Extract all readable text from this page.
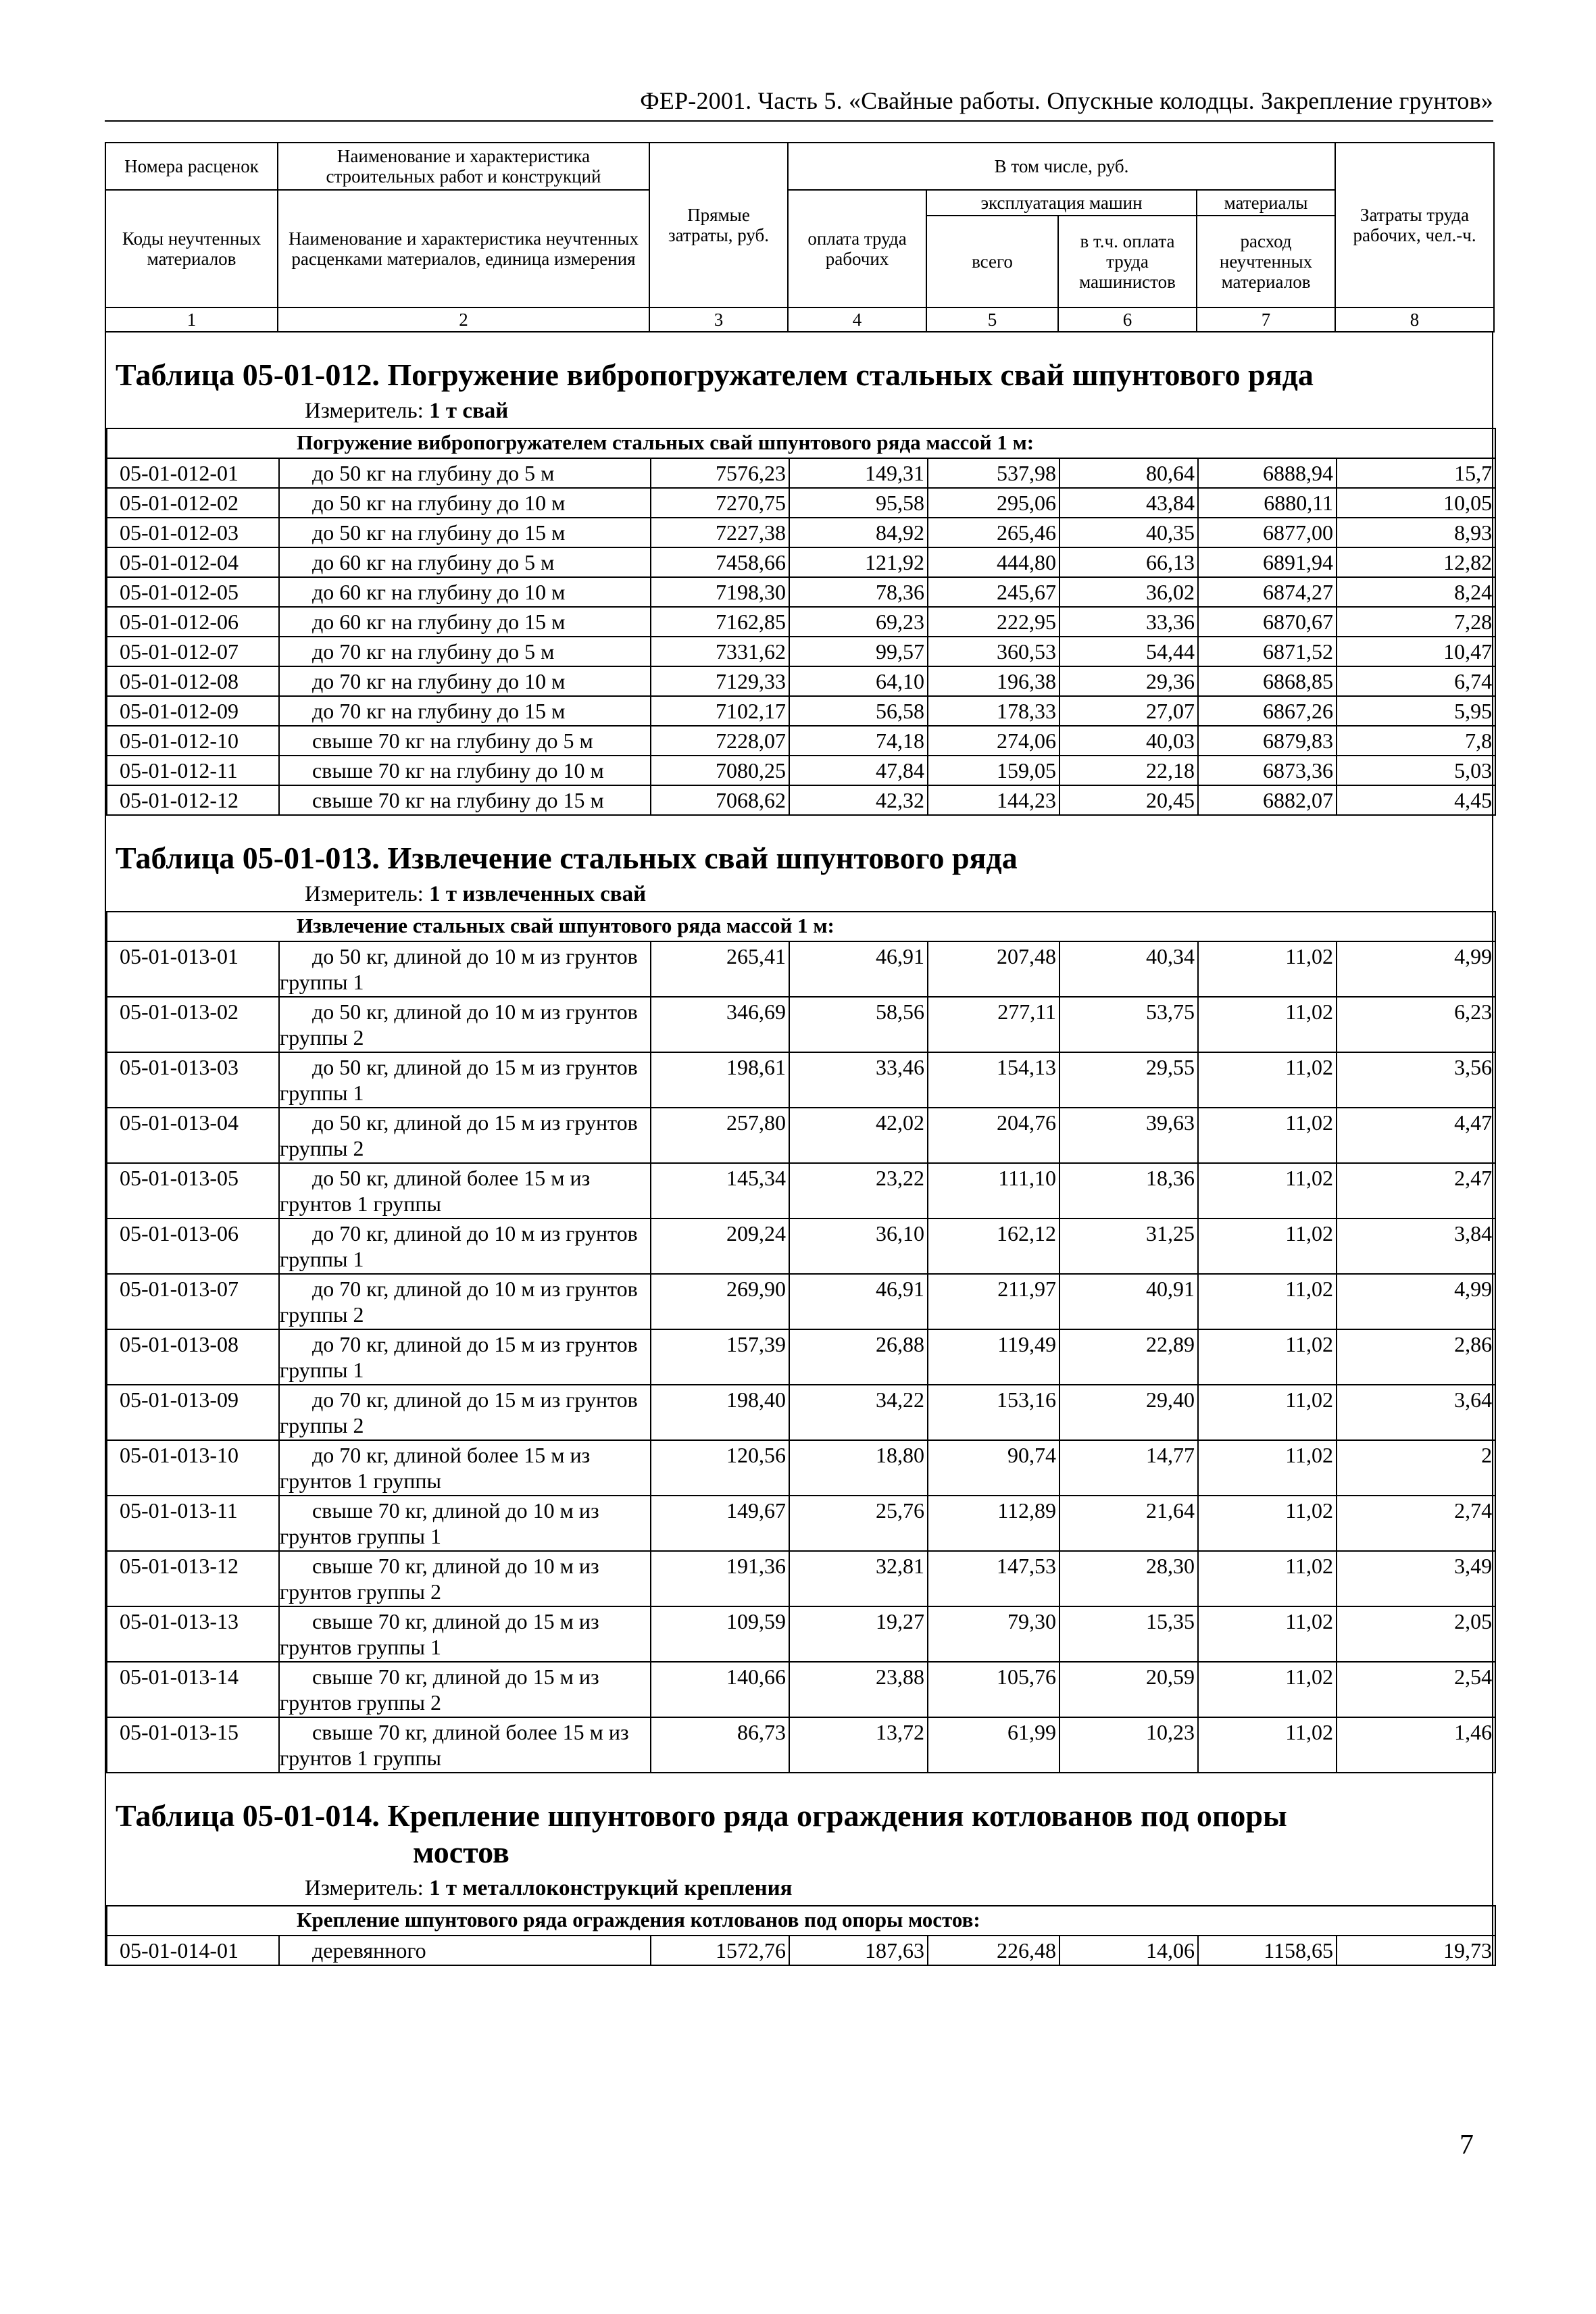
ФЕР-2001. Часть 5. «Свайные работы. Опускные колодцы. Закрепление грунтов»
Номера расценок	Наименование и характеристика строительных работ и конструкций	Прямые затраты, руб.	В том числе, руб.				Затраты труда рабочих, чел.-ч.
Коды неучтенных материалов	Наименование и характеристика неучтенных расценками материалов, единица измерения		оплата труда рабочих	эксплуатация машин		материалы	
				всего	в т.ч. оплата труда машинистов	расход неучтенных материалов	
1	2	3	4	5	6	7	8
Таблица 05-01-012. Погружение вибропогружателем стальных свай шпунтового ряда
Измеритель: 1 т свай
Погружение вибропогружателем стальных свай шпунтового ряда массой 1 м:							
05-01-012-01	до 50 кг на глубину до 5 м	7576,23	149,31	537,98	80,64	6888,94	15,7
05-01-012-02	до 50 кг на глубину до 10 м	7270,75	95,58	295,06	43,84	6880,11	10,05
05-01-012-03	до 50 кг на глубину до 15 м	7227,38	84,92	265,46	40,35	6877,00	8,93
05-01-012-04	до 60 кг на глубину до 5 м	7458,66	121,92	444,80	66,13	6891,94	12,82
05-01-012-05	до 60 кг на глубину до 10 м	7198,30	78,36	245,67	36,02	6874,27	8,24
05-01-012-06	до 60 кг на глубину до 15 м	7162,85	69,23	222,95	33,36	6870,67	7,28
05-01-012-07	до 70 кг на глубину до 5 м	7331,62	99,57	360,53	54,44	6871,52	10,47
05-01-012-08	до 70 кг на глубину до 10 м	7129,33	64,10	196,38	29,36	6868,85	6,74
05-01-012-09	до 70 кг на глубину до 15 м	7102,17	56,58	178,33	27,07	6867,26	5,95
05-01-012-10	свыше 70 кг на глубину до 5 м	7228,07	74,18	274,06	40,03	6879,83	7,8
05-01-012-11	свыше 70 кг на глубину до 10 м	7080,25	47,84	159,05	22,18	6873,36	5,03
05-01-012-12	свыше 70 кг на глубину до 15 м	7068,62	42,32	144,23	20,45	6882,07	4,45
Таблица 05-01-013. Извлечение стальных свай шпунтового ряда
Измеритель: 1 т извлеченных свай
Извлечение стальных свай шпунтового ряда массой 1 м:							
05-01-013-01	до 50 кг, длиной до 10 м из грунтов группы 1	265,41	46,91	207,48	40,34	11,02	4,99
05-01-013-02	до 50 кг, длиной до 10 м из грунтов группы 2	346,69	58,56	277,11	53,75	11,02	6,23
05-01-013-03	до 50 кг, длиной до 15 м из грунтов группы 1	198,61	33,46	154,13	29,55	11,02	3,56
05-01-013-04	до 50 кг, длиной до 15 м из грунтов группы 2	257,80	42,02	204,76	39,63	11,02	4,47
05-01-013-05	до 50 кг, длиной более 15 м из грунтов 1 группы	145,34	23,22	111,10	18,36	11,02	2,47
05-01-013-06	до 70 кг, длиной до 10 м из грунтов группы 1	209,24	36,10	162,12	31,25	11,02	3,84
05-01-013-07	до 70 кг, длиной до 10 м из грунтов группы 2	269,90	46,91	211,97	40,91	11,02	4,99
05-01-013-08	до 70 кг, длиной до 15 м из грунтов группы 1	157,39	26,88	119,49	22,89	11,02	2,86
05-01-013-09	до 70 кг, длиной до 15 м из грунтов группы 2	198,40	34,22	153,16	29,40	11,02	3,64
05-01-013-10	до 70 кг, длиной более 15 м из грунтов 1 группы	120,56	18,80	90,74	14,77	11,02	2
05-01-013-11	свыше 70 кг, длиной до 10 м из грунтов группы 1	149,67	25,76	112,89	21,64	11,02	2,74
05-01-013-12	свыше 70 кг, длиной до 10 м из грунтов группы 2	191,36	32,81	147,53	28,30	11,02	3,49
05-01-013-13	свыше 70 кг, длиной до 15 м из грунтов группы 1	109,59	19,27	79,30	15,35	11,02	2,05
05-01-013-14	свыше 70 кг, длиной до 15 м из грунтов группы 2	140,66	23,88	105,76	20,59	11,02	2,54
05-01-013-15	свыше 70 кг, длиной более 15 м из грунтов 1 группы	86,73	13,72	61,99	10,23	11,02	1,46
Таблица 05-01-014. Крепление шпунтового ряда ограждения котлованов под опоры
мостов
Измеритель: 1 т металлоконструкций крепления
Крепление шпунтового ряда ограждения котлованов под опоры мостов:
05-01-014-01	деревянного	1572,76	187,63	226,48	14,06	1158,65	19,73
7
